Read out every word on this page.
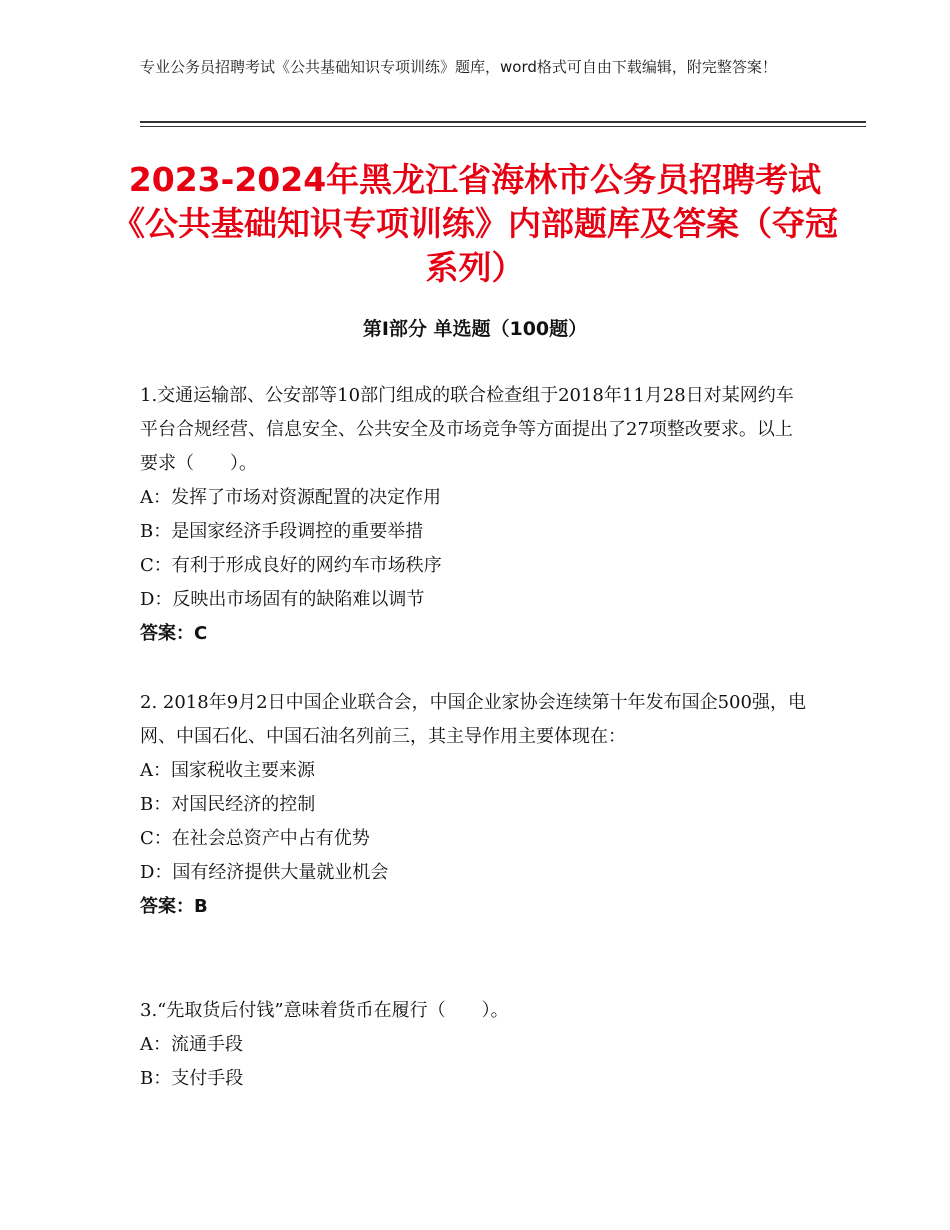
专业公务员招聘考试《公共基础知识专项训练》题库，word格式可自由下载编辑，附完整答案！
2023-2024年黑龙江省海林市公务员招聘考试《公共基础知识专项训练》内部题库及答案（夺冠系列）
第Ⅰ部分 单选题（100题）

1.交通运输部、公安部等10部门组成的联合检查组于2018年11月28日对某网约车平台合规经营、信息安全、公共安全及市场竞争等方面提出了27项整改要求。以上要求（　　）。

A：发挥了市场对资源配置的决定作用

B：是国家经济手段调控的重要举措

C：有利于形成良好的网约车市场秩序

D：反映出市场固有的缺陷难以调节

答案：C

2. 2018年9月2日中国企业联合会，中国企业家协会连续第十年发布国企500强，电网、中国石化、中国石油名列前三，其主导作用主要体现在：

A：国家税收主要来源

B：对国民经济的控制

C：在社会总资产中占有优势

D：国有经济提供大量就业机会

答案：B

3.“先取货后付钱”意味着货币在履行（　　）。

A：流通手段

B：支付手段
